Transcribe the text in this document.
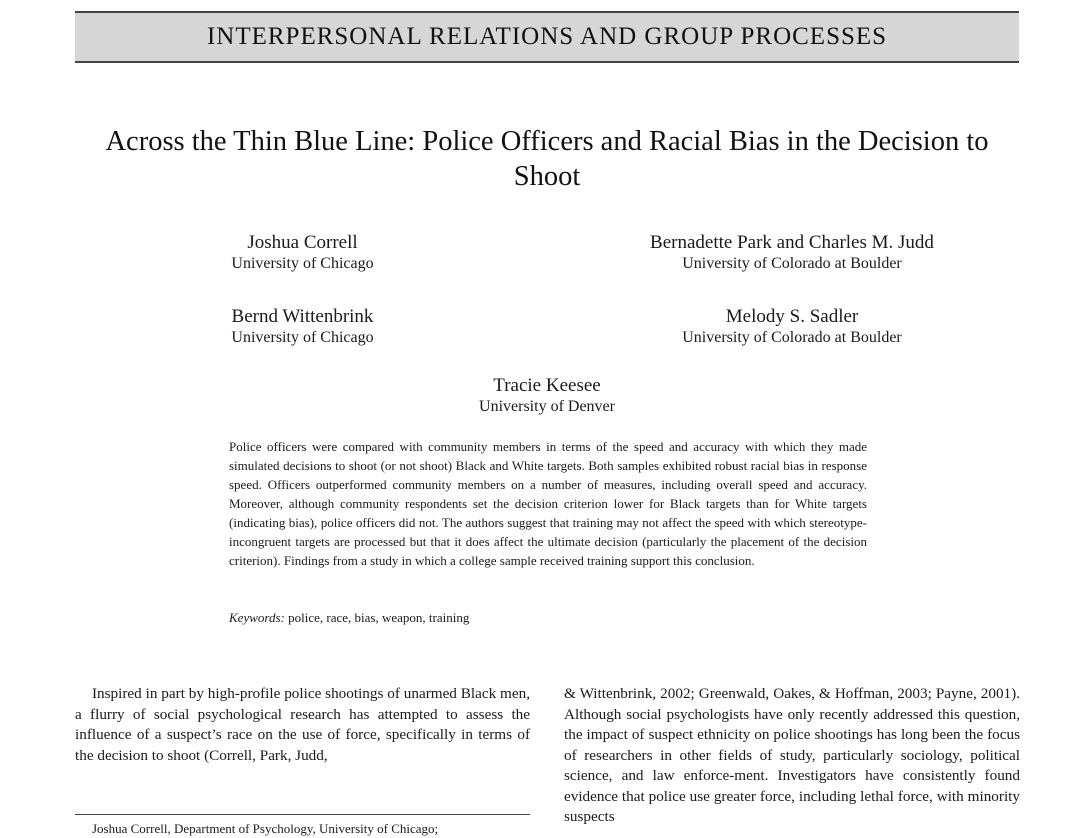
INTERPERSONAL RELATIONS AND GROUP PROCESSES
Across the Thin Blue Line: Police Officers and Racial Bias in the Decision to Shoot
Joshua Correll
University of Chicago
Bernadette Park and Charles M. Judd
University of Colorado at Boulder
Bernd Wittenbrink
University of Chicago
Melody S. Sadler
University of Colorado at Boulder
Tracie Keesee
University of Denver
Police officers were compared with community members in terms of the speed and accuracy with which they made simulated decisions to shoot (or not shoot) Black and White targets. Both samples exhibited robust racial bias in response speed. Officers outperformed community members on a number of measures, including overall speed and accuracy. Moreover, although community respondents set the decision criterion lower for Black targets than for White targets (indicating bias), police officers did not. The authors suggest that training may not affect the speed with which stereotype-incongruent targets are processed but that it does affect the ultimate decision (particularly the placement of the decision criterion). Findings from a study in which a college sample received training support this conclusion.
Keywords: police, race, bias, weapon, training
Inspired in part by high-profile police shootings of unarmed Black men, a flurry of social psychological research has attempted to assess the influence of a suspect’s race on the use of force, specifically in terms of the decision to shoot (Correll, Park, Judd,
& Wittenbrink, 2002; Greenwald, Oakes, & Hoffman, 2003; Payne, 2001). Although social psychologists have only recently addressed this question, the impact of suspect ethnicity on police shootings has long been the focus of researchers in other fields of study, particularly sociology, political science, and law enforce-ment. Investigators have consistently found evidence that police use greater force, including lethal force, with minority suspects
Joshua Correll, Department of Psychology, University of Chicago;
